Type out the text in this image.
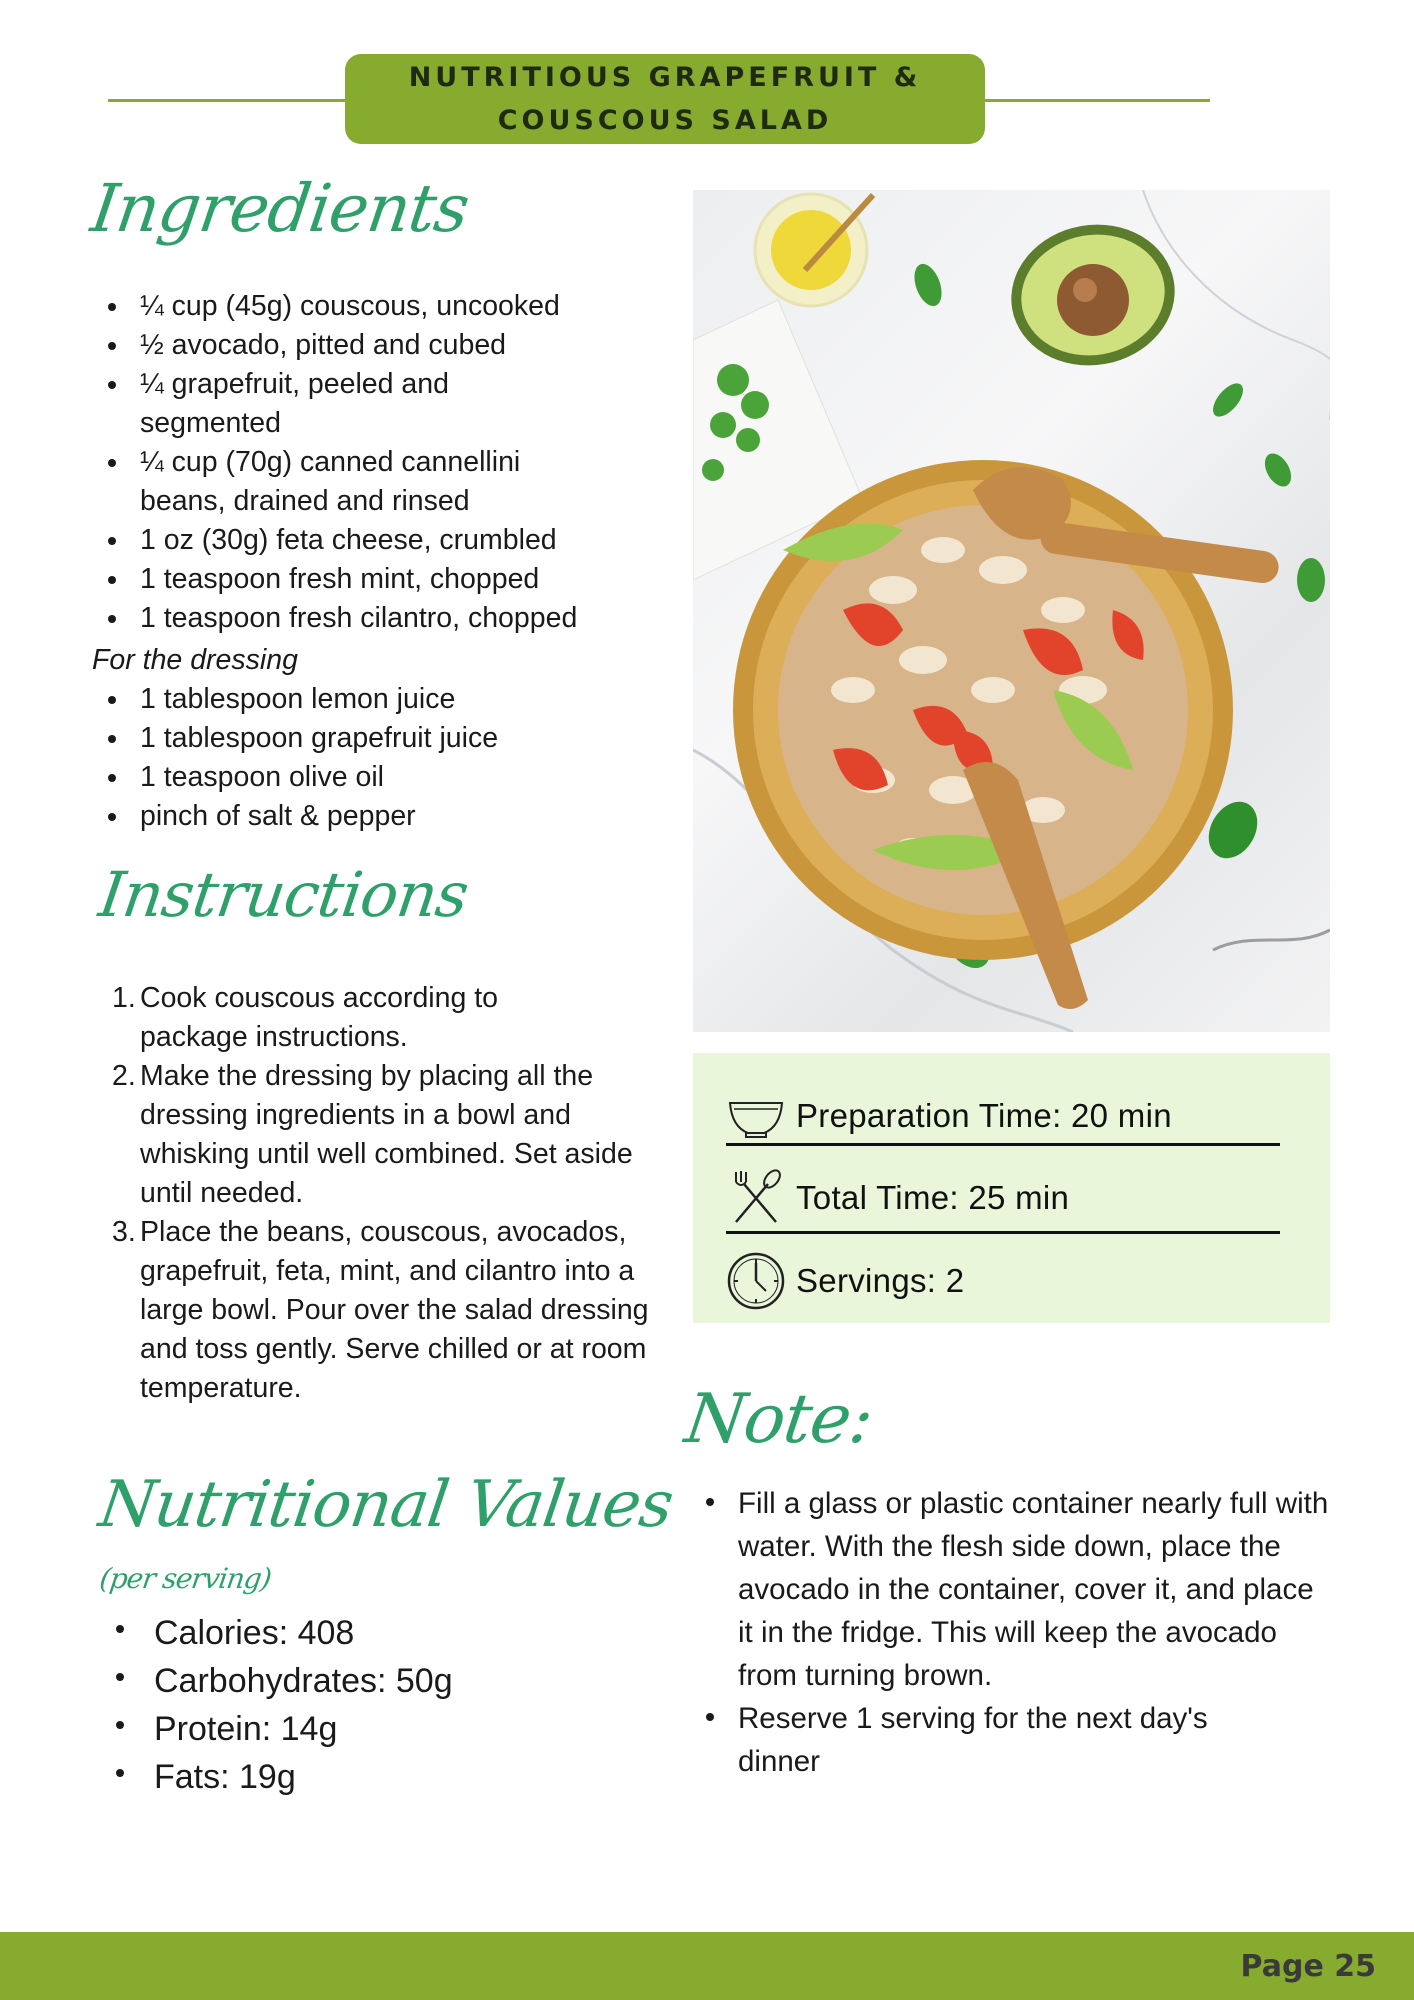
NUTRITIOUS GRAPEFRUIT &
COUSCOUS SALAD
Ingredients
¼ cup (45g) couscous, uncooked
½ avocado, pitted and cubed
¼ grapefruit, peeled and segmented
¼ cup (70g) canned cannellini beans, drained and rinsed
1 oz (30g) feta cheese, crumbled
1 teaspoon fresh mint, chopped
1 teaspoon fresh cilantro, chopped
For the dressing
1 tablespoon lemon juice
1 tablespoon grapefruit juice
1 teaspoon olive oil
pinch of salt & pepper
Instructions
1. Cook couscous according to package instructions.
2. Make the dressing by placing all the dressing ingredients in a bowl and whisking until well combined. Set aside until needed.
3. Place the beans, couscous, avocados, grapefruit, feta, mint, and cilantro into a large bowl. Pour over the salad dressing and toss gently. Serve chilled or at room temperature.
Nutritional Values
(per serving)
Calories: 408
Carbohydrates: 50g
Protein: 14g
Fats: 19g
Preparation Time: 20 min
Total Time: 25 min
Servings: 2
Note:
Fill a glass or plastic container nearly full with water. With the flesh side down, place the avocado in the container, cover it, and place it in the fridge. This will keep the avocado from turning brown.
Reserve 1 serving for the next day's dinner
Page 25
